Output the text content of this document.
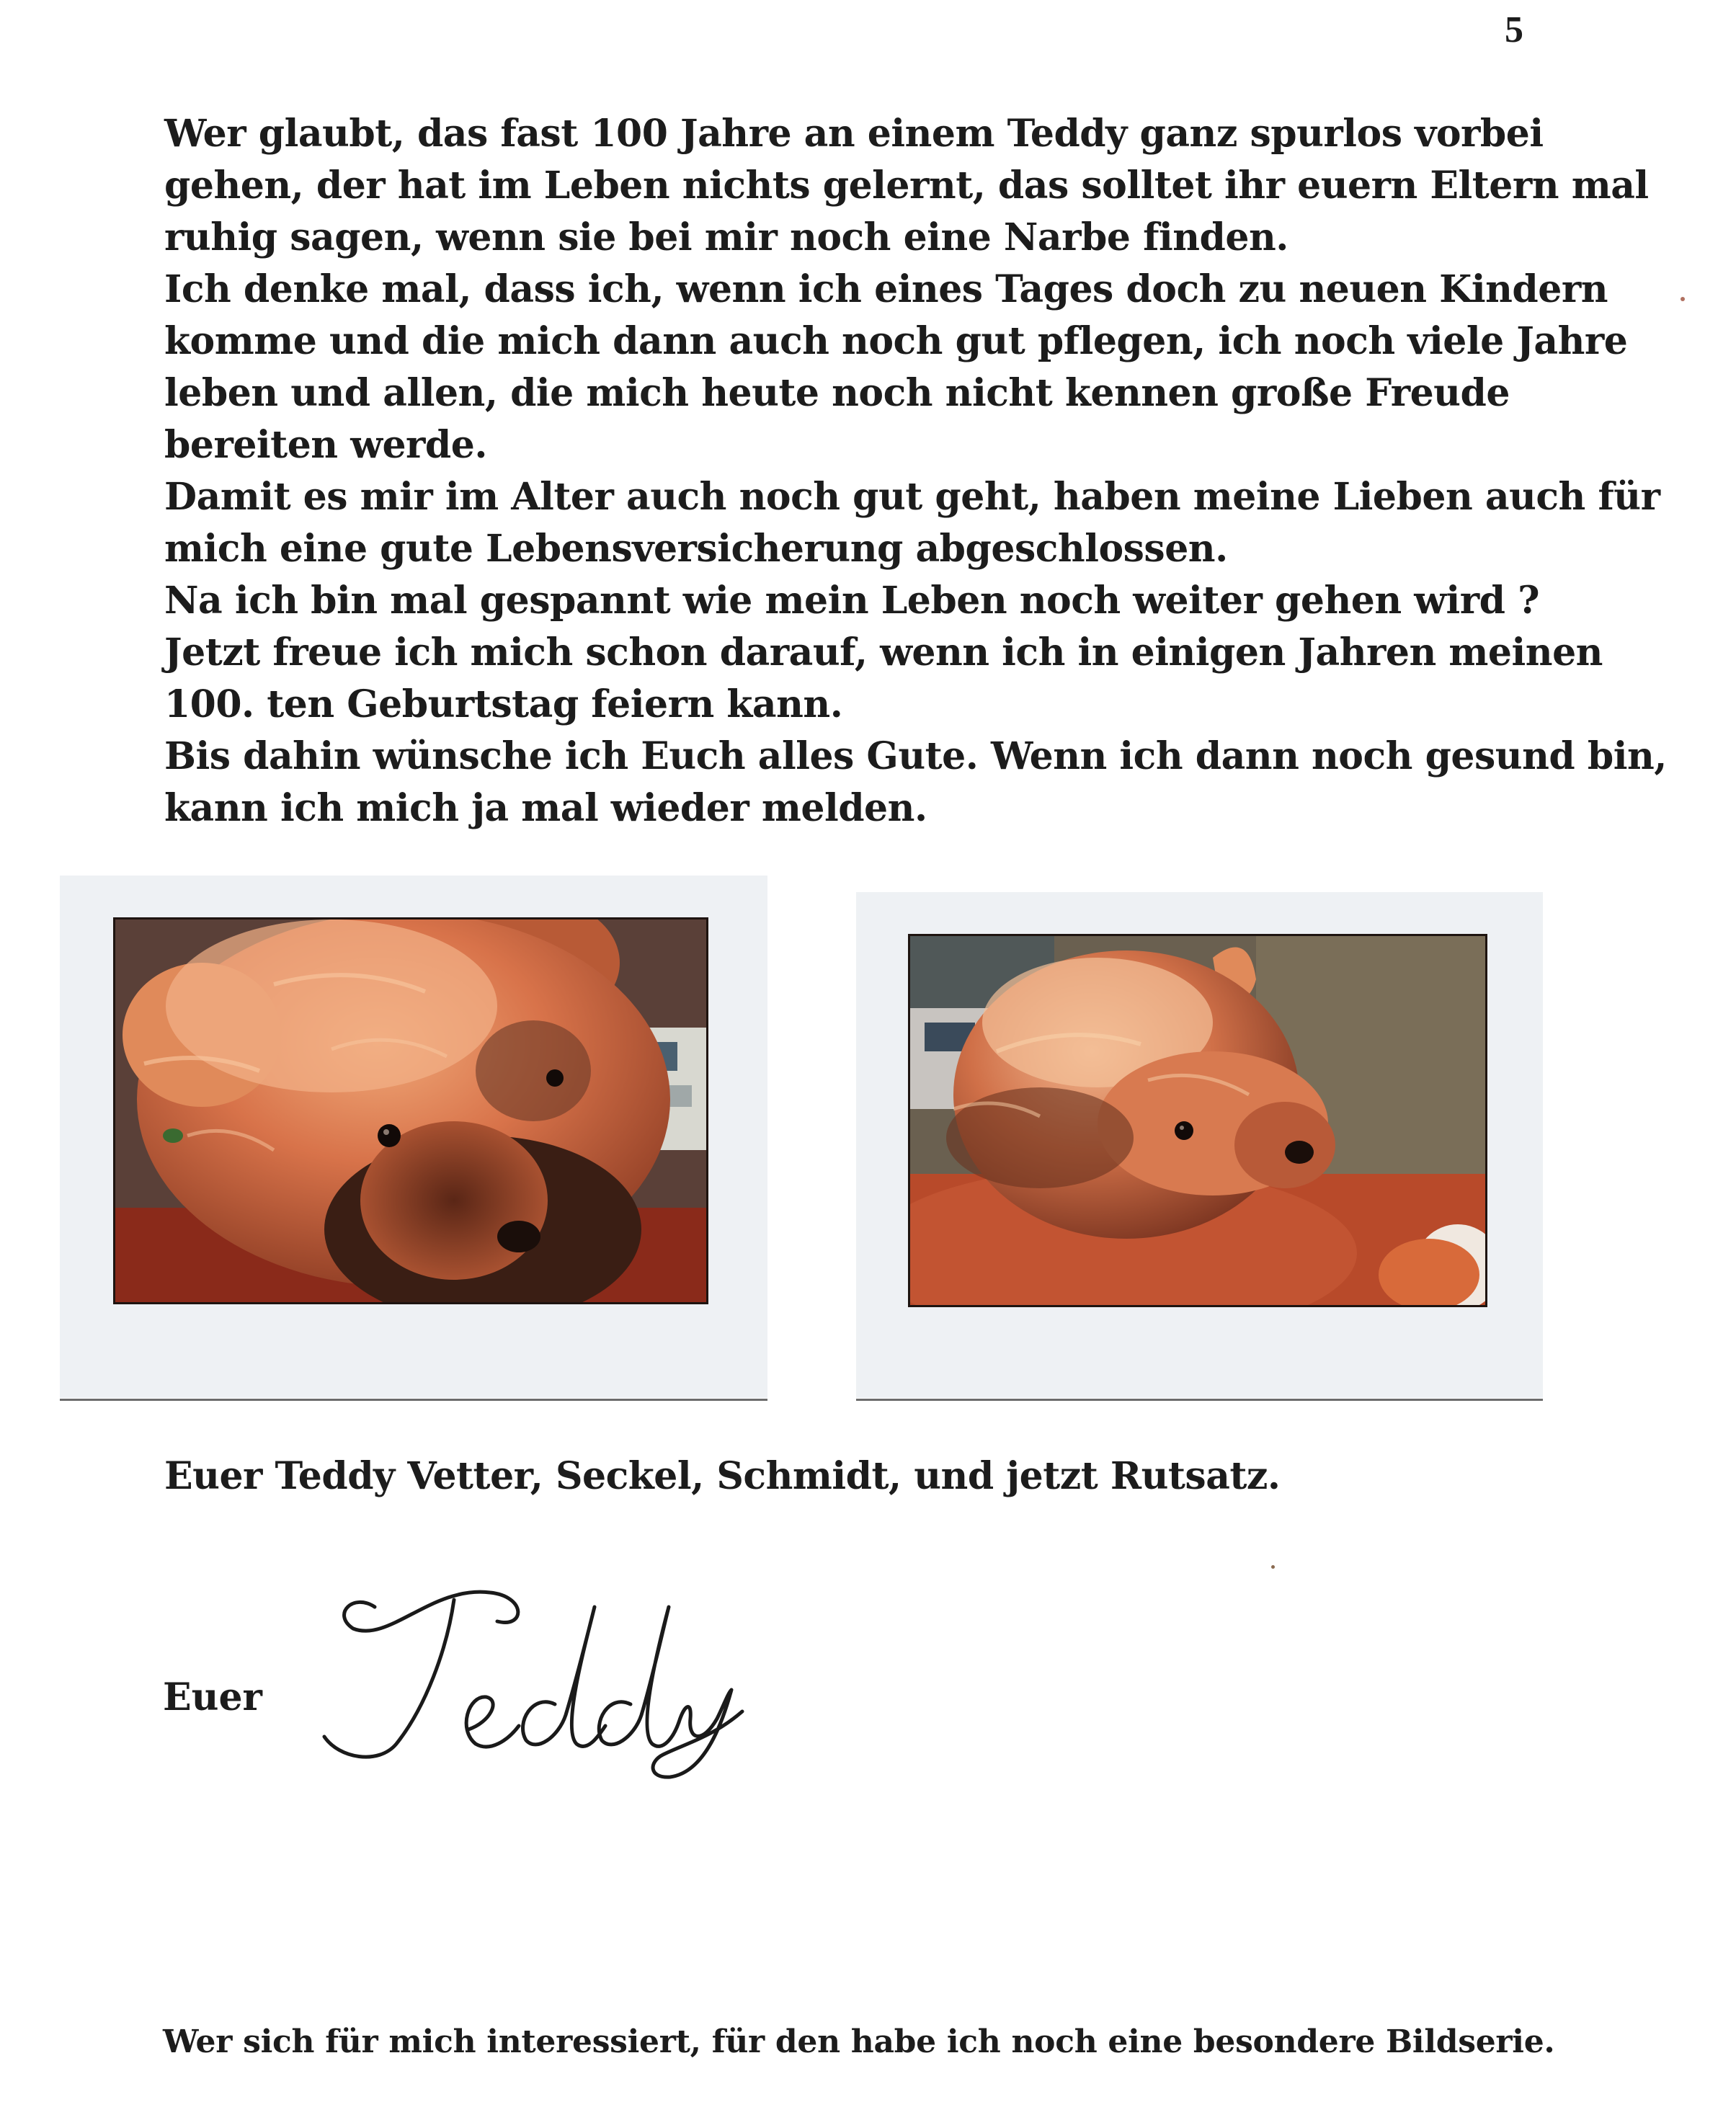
5
Wer glaubt, das fast 100 Jahre an einem Teddy ganz spurlos vorbei
gehen, der hat im Leben nichts gelernt, das solltet ihr euern Eltern mal
ruhig sagen, wenn sie bei mir noch eine Narbe finden.
Ich denke mal, dass ich, wenn ich eines Tages doch zu neuen Kindern
komme und die mich dann auch noch gut pflegen, ich noch viele Jahre
leben und allen, die mich heute noch nicht kennen große Freude
bereiten werde.
Damit es mir im Alter auch noch gut geht, haben meine Lieben auch für
mich eine gute Lebensversicherung abgeschlossen.
Na ich bin mal gespannt wie mein Leben noch weiter gehen wird ?
Jetzt freue ich mich schon darauf, wenn ich in einigen Jahren meinen
100. ten Geburtstag feiern kann.
Bis dahin wünsche ich Euch alles Gute. Wenn ich dann noch gesund bin,
kann ich mich ja mal wieder melden.
Euer Teddy Vetter, Seckel, Schmidt, und jetzt Rutsatz.
Euer
Wer sich für mich interessiert, für den habe ich noch eine besondere Bildserie.
